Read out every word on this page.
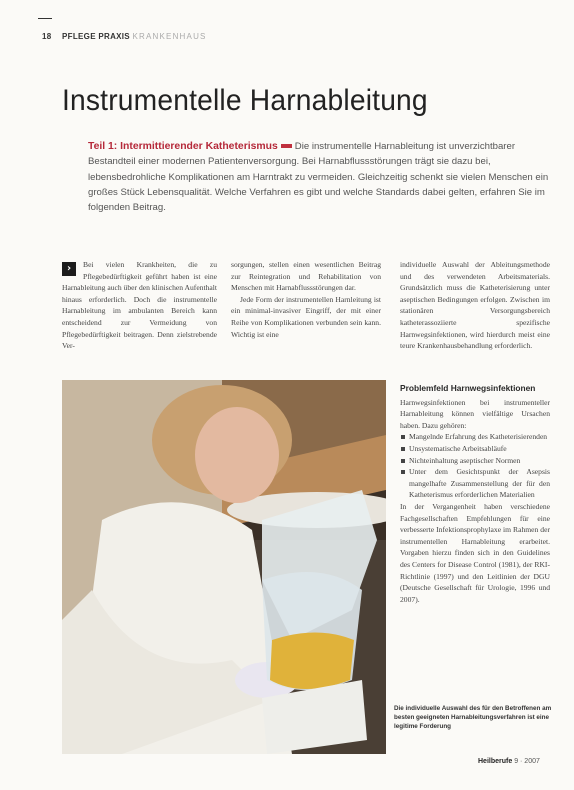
18 PFLEGE PRAXIS KRANKENHAUS
Instrumentelle Harnableitung
Teil 1: Intermittierender Katheterismus Die instrumentelle Harnableitung ist unverzichtbarer Bestandteil einer modernen Patientenversorgung. Bei Harnabflussstörungen trägt sie dazu bei, lebensbedrohliche Komplikationen am Harntrakt zu vermeiden. Gleichzeitig schenkt sie vielen Menschen ein großes Stück Lebensqualität. Welche Verfahren es gibt und welche Standards dabei gelten, erfahren Sie im folgenden Beitrag.
›	Bei vielen Krankheiten, die zu Pflegebedürftigkeit geführt haben ist eine Harnableitung auch über den klinischen Aufenthalt hinaus erforderlich. Doch die instrumentelle Harnableitung im ambulanten Bereich kann entscheidend zur Vermeidung von Pflegebedürftigkeit beitragen. Denn zielstrebende Ver-

sorgungen, stellen einen wesentlichen Beitrag zur Reintegration und Rehabilitation von Menschen mit Harnabflussstörungen dar.

Jede Form der instrumentellen Harnleitung ist ein minimal-invasiver Eingriff, der mit einer Reihe von Komplikationen verbunden sein kann. Wichtig ist eine

individuelle Auswahl der Ableitungsmethode und des verwendeten Arbeitsmaterials. Grundsätzlich muss die Katheterisierung unter aseptischen Bedingungen erfolgen. Zwischen im stationären Versorgungsbereich katheterassoziierte spezifische Harnwegsinfektionen, wird hierdurch meist eine teure Krankenhausbehandlung erforderlich.

Problemfeld Harnwegsinfektionen

Harnwegsinfektionen bei instrumenteller Harnableitung können vielfältige Ursachen haben. Dazu gehören:

Mangelnde Erfahrung des Katheterisierenden
Unsystematische Arbeitsabläufe
Nichteinhaltung aseptischer Normen
Unter dem Gesichtspunkt der Asepsis mangelhafte Zusammenstellung der für den Katheterismus erforderlichen Materialien

In der Vergangenheit haben verschiedene Fachgesellschaften Empfehlungen für eine verbesserte Infektionsprophylaxe im Rahmen der instrumentellen Harnableitung erarbeitet. Vorgaben hierzu finden sich in den Guidelines des Centers for Disease Control (1981), der RKI-Richtlinie (1997) und den Leitlinien der DGU (Deutsche Gesellschaft für Urologie, 1996 und 2007).

Die individuelle Auswahl des für den Betroffenen am besten geeigneten Harnableitungsverfahren ist eine legitime Forderung
Heilberufe 9 · 2007
